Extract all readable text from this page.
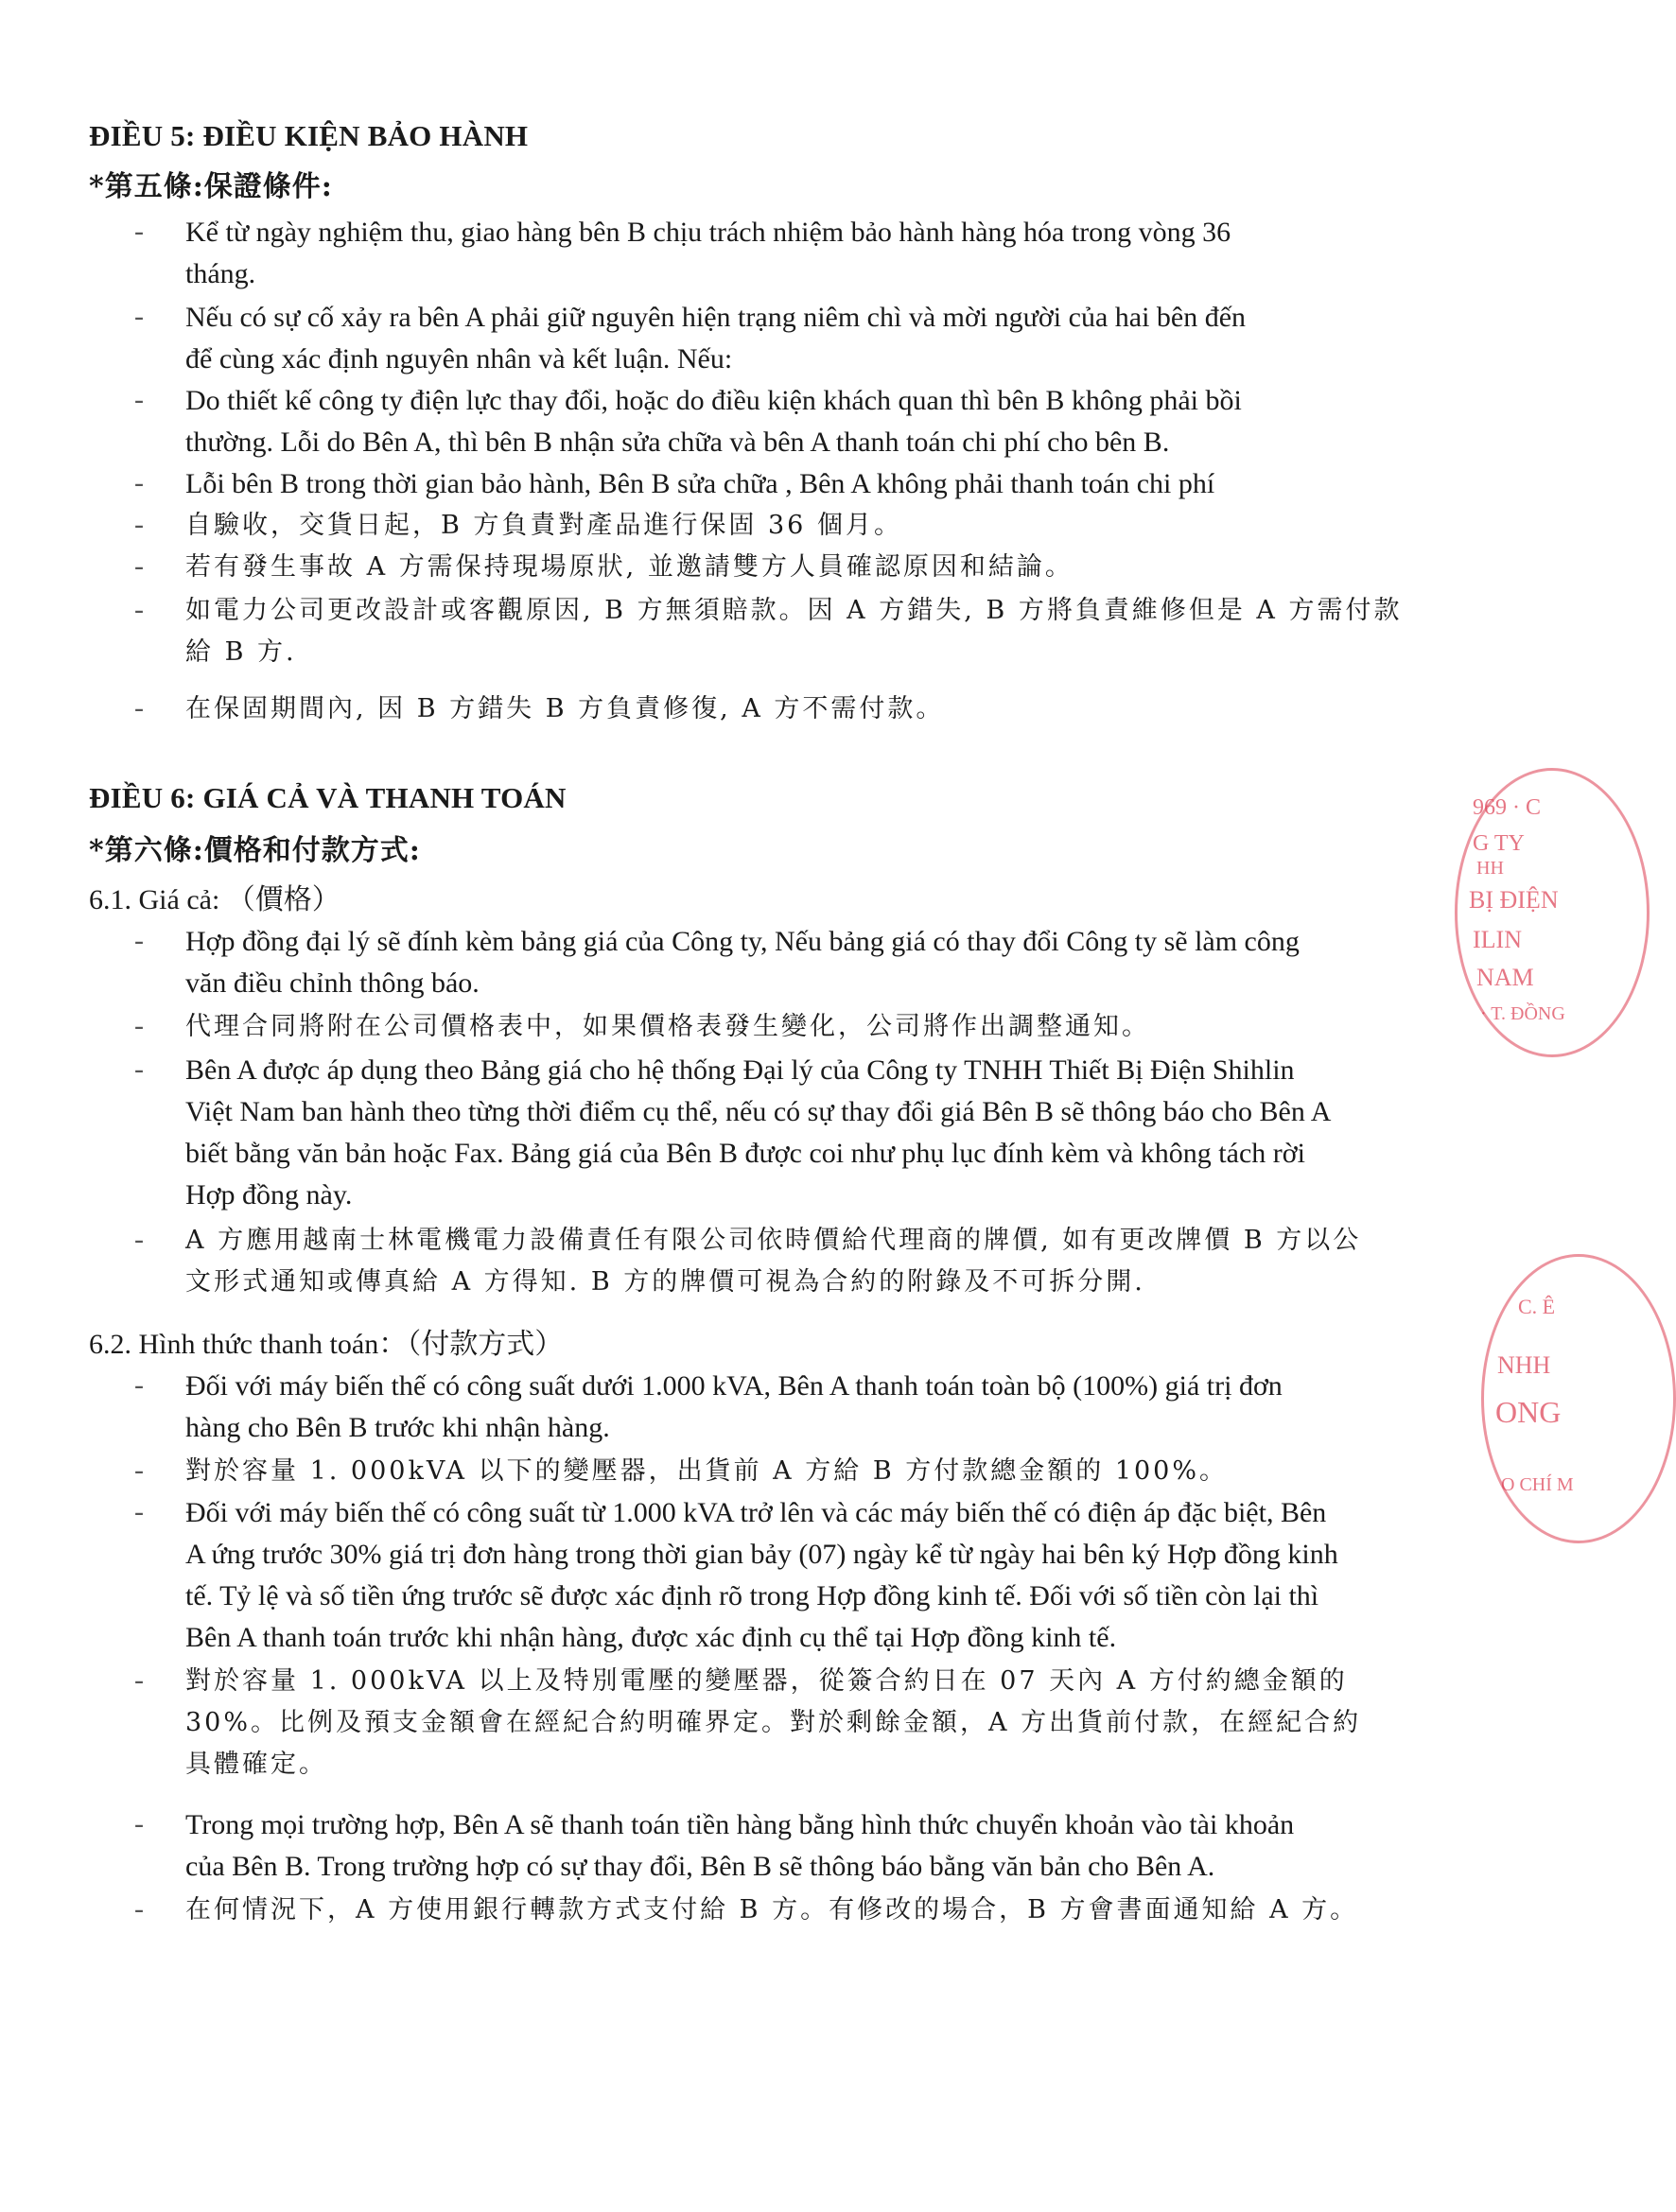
ĐIỀU 5: ĐIỀU KIỆN BẢO HÀNH
*第五條:保證條件:
- Kể từ ngày nghiệm thu, giao hàng bên B chịu trách nhiệm bảo hành hàng hóa trong vòng 36
tháng.
- Nếu có sự cố xảy ra bên A phải giữ nguyên hiện trạng niêm chì và mời người của hai bên đến
để cùng xác định nguyên nhân và kết luận. Nếu:
- Do thiết kế công ty điện lực thay đổi, hoặc do điều kiện khách quan thì bên B không phải bồi
thường. Lỗi do Bên A, thì bên B nhận sửa chữa và bên A thanh toán chi phí cho bên B.
- Lỗi bên B trong thời gian bảo hành, Bên B sửa chữa , Bên A không phải thanh toán chi phí
- 自驗收，交貨日起，B 方負責對產品進行保固 36 個月。
- 若有發生事故 A 方需保持現場原狀, 並邀請雙方人員確認原因和結論。
- 如電力公司更改設計或客觀原因, B 方無須賠款。因 A 方錯失, B 方將負責維修但是 A 方需付款
給 B 方.
- 在保固期間內, 因 B 方錯失 B 方負責修復, A 方不需付款。
ĐIỀU 6: GIÁ CẢ VÀ THANH TOÁN
*第六條:價格和付款方式:
6.1. Giá cả: （價格）
- Hợp đồng đại lý sẽ đính kèm bảng giá của Công ty, Nếu bảng giá có thay đổi Công ty sẽ làm công
văn điều chỉnh thông báo.
- 代理合同將附在公司價格表中，如果價格表發生變化，公司將作出調整通知。
- Bên A được áp dụng theo Bảng giá cho hệ thống Đại lý của Công ty TNHH Thiết Bị Điện Shihlin
Việt Nam ban hành theo từng thời điểm cụ thể, nếu có sự thay đổi giá Bên B sẽ thông báo cho Bên A
biết bằng văn bản hoặc Fax. Bảng giá của Bên B được coi như phụ lục đính kèm và không tách rời
Hợp đồng này.
- A 方應用越南士林電機電力設備責任有限公司依時價給代理商的牌價, 如有更改牌價 B 方以公
文形式通知或傳真給 A 方得知. B 方的牌價可視為合約的附錄及不可拆分開.
6.2. Hình thức thanh toán：（付款方式）
- Đối với máy biến thế có công suất dưới 1.000 kVA, Bên A thanh toán toàn bộ (100%) giá trị đơn
hàng cho Bên B trước khi nhận hàng.
- 對於容量 1. 000kVA 以下的變壓器，出貨前 A 方給 B 方付款總金額的 100%。
- Đối với máy biến thế có công suất từ 1.000 kVA trở lên và các máy biến thế có điện áp đặc biệt, Bên
A ứng trước 30% giá trị đơn hàng trong thời gian bảy (07) ngày kể từ ngày hai bên ký Hợp đồng kinh
tế. Tỷ lệ và số tiền ứng trước sẽ được xác định rõ trong Hợp đồng kinh tế. Đối với số tiền còn lại thì
Bên A thanh toán trước khi nhận hàng, được xác định cụ thể tại Hợp đồng kinh tế.
- 對於容量 1. 000kVA 以上及特別電壓的變壓器，從簽合約日在 07 天內 A 方付約總金額的
30%。比例及預支金額會在經紀合約明確界定。對於剩餘金額，A 方出貨前付款，在經紀合約
具體確定。
- Trong mọi trường hợp, Bên A sẽ thanh toán tiền hàng bằng hình thức chuyển khoản vào tài khoản
của Bên B. Trong trường hợp có sự thay đổi, Bên B sẽ thông báo bằng văn bản cho Bên A.
- 在何情況下，A 方使用銀行轉款方式支付給 B 方。有修改的場合，B 方會書面通知給 A 方。
969 · C
G TY
HH
BỊ ĐIỆN
ILIN
NAM
· T. ĐỒNG
C. Ê
NHH
ONG
O CHÍ M
